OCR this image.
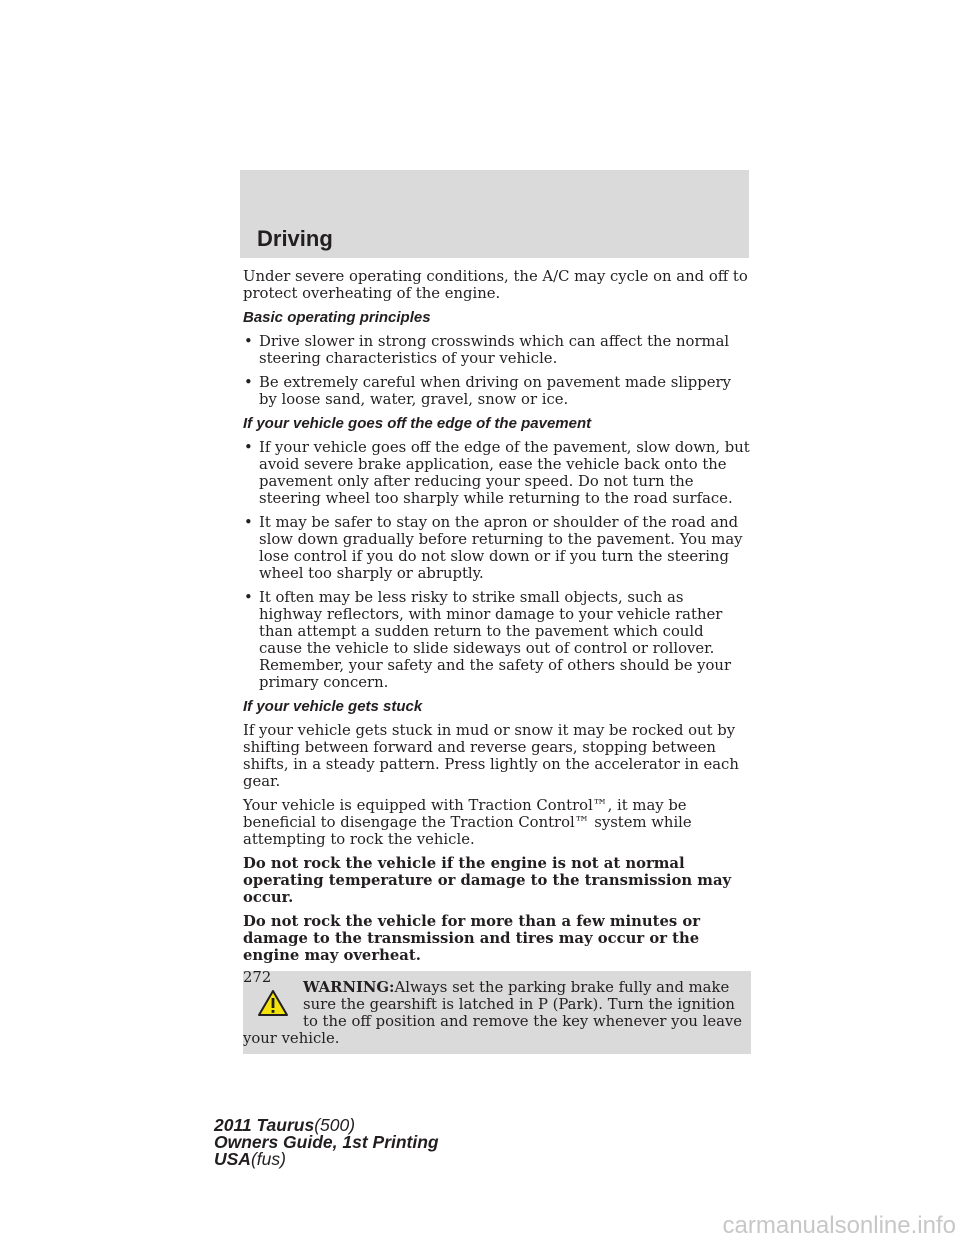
Driving

Under severe operating conditions, the A/C may cycle on and off to protect overheating of the engine.

Basic operating principles
• Drive slower in strong crosswinds which can affect the normal steering characteristics of your vehicle.
• Be extremely careful when driving on pavement made slippery by loose sand, water, gravel, snow or ice.
If your vehicle goes off the edge of the pavement
• If your vehicle goes off the edge of the pavement, slow down, but avoid severe brake application, ease the vehicle back onto the pavement only after reducing your speed. Do not turn the steering wheel too sharply while returning to the road surface.
• It may be safer to stay on the apron or shoulder of the road and slow down gradually before returning to the pavement. You may lose control if you do not slow down or if you turn the steering wheel too sharply or abruptly.
• It often may be less risky to strike small objects, such as highway reflectors, with minor damage to your vehicle rather than attempt a sudden return to the pavement which could cause the vehicle to slide sideways out of control or rollover. Remember, your safety and the safety of others should be your primary concern.
If your vehicle gets stuck

If your vehicle gets stuck in mud or snow it may be rocked out by shifting between forward and reverse gears, stopping between shifts, in a steady pattern. Press lightly on the accelerator in each gear.

Your vehicle is equipped with Traction Control™, it may be beneficial to disengage the Traction Control™ system while attempting to rock the vehicle.

Do not rock the vehicle if the engine is not at normal operating temperature or damage to the transmission may occur.

Do not rock the vehicle for more than a few minutes or damage to the transmission and tires may occur or the engine may overheat.

WARNING:Always set the parking brake fully and make sure the gearshift is latched in P (Park). Turn the ignition to the off position and remove the key whenever you leave your vehicle.
272
2011 Taurus(500)
Owners Guide, 1st Printing
USA(fus)
carmanualsonline.info
